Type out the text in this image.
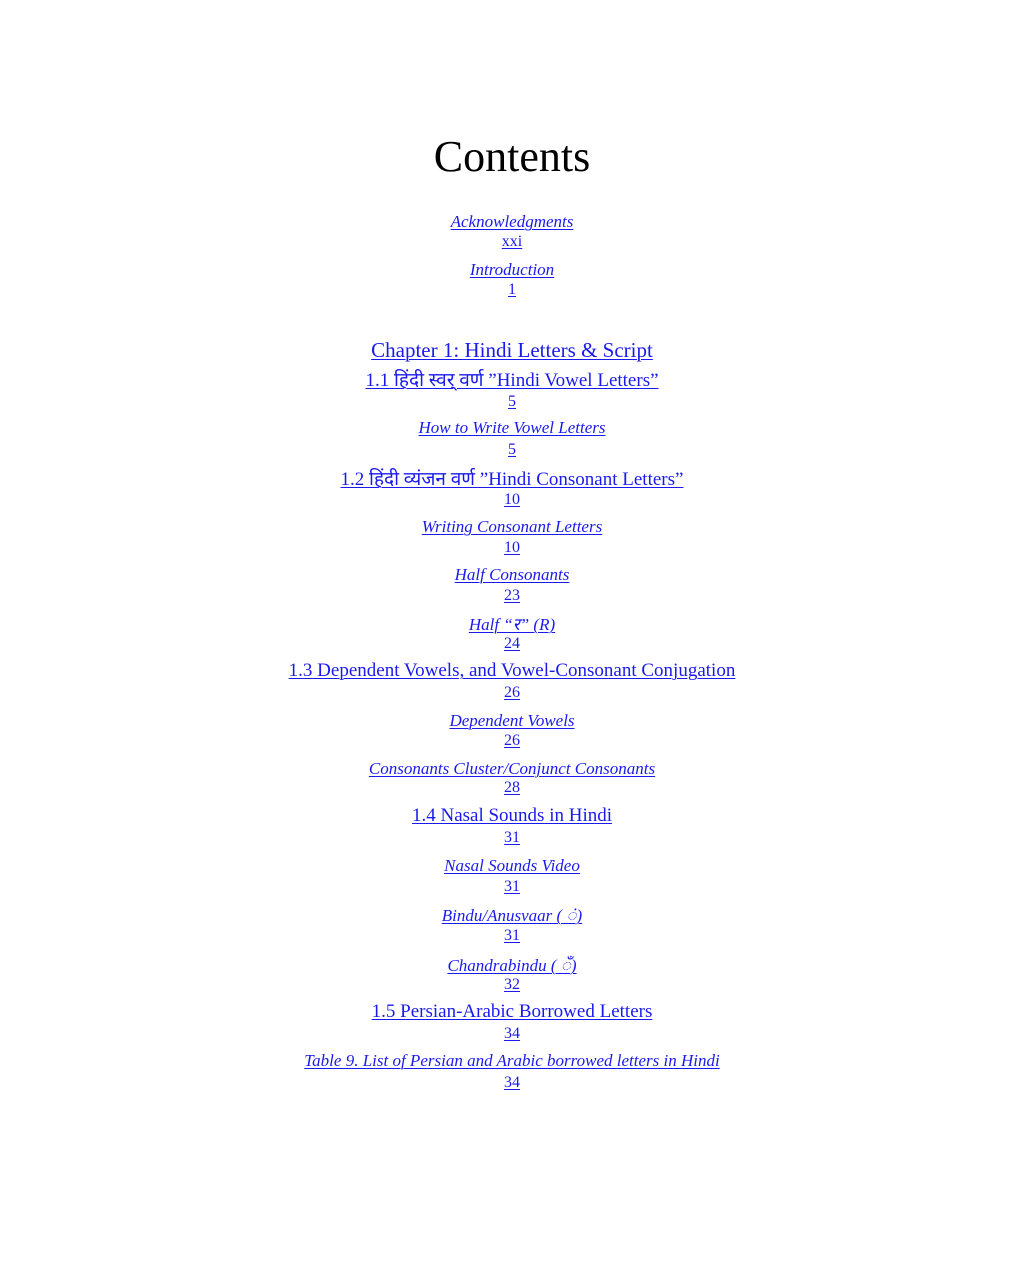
Contents
Acknowledgments
xxi
Introduction
1
Chapter 1: Hindi Letters & Script
1.1 हिंदी स्वर् वर्ण ”Hindi Vowel Letters”
5
How to Write Vowel Letters
5
1.2 हिंदी व्यंजन वर्ण ”Hindi Consonant Letters”
10
Writing Consonant Letters
10
Half Consonants
23
Half “र” (R)
24
1.3 Dependent Vowels, and Vowel-Consonant Conjugation
26
Dependent Vowels
26
Consonants Cluster/Conjunct Consonants
28
1.4 Nasal Sounds in Hindi
31
Nasal Sounds Video
31
Bindu/Anusvaar ( ं)
31
Chandrabindu ( ँ)
32
1.5 Persian-Arabic Borrowed Letters
34
Table 9. List of Persian and Arabic borrowed letters in Hindi
34
